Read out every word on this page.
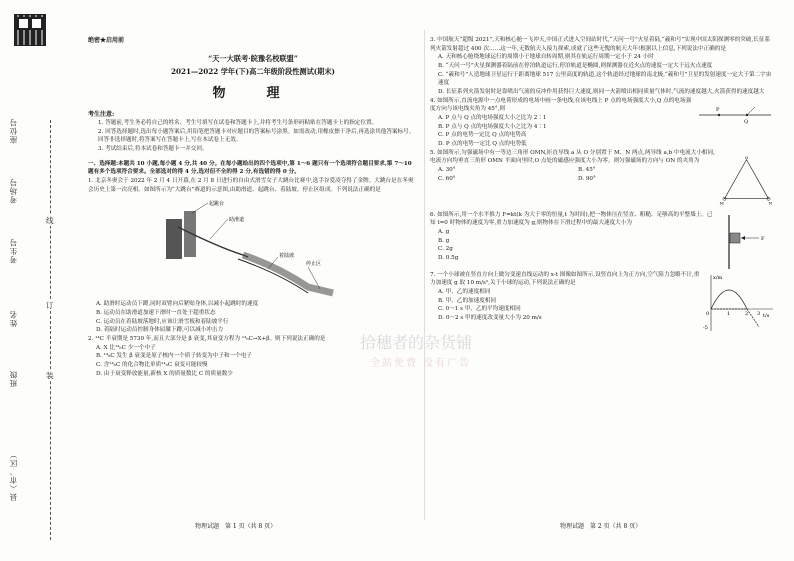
座位号
考场号
考生号
姓名
班级
县（市、区）
线
订
装
绝密★启用前
“天一大联考·皖豫名校联盟”
2021—2022 学年(下)高二年级阶段性测试(期末)
物　理
考生注意:

1. 答题前,考生务必将自己的姓名、考生号填写在试卷和答题卡上,并将考生号条形码粘贴在答题卡上的指定位置。

2. 回答选择题时,选出每小题答案后,用铅笔把答题卡对应题目的答案标号涂黑。如需改动,用橡皮擦干净后,再选涂其他答案标号。回答非选择题时,将答案写在答题卡上,写在本试卷上无效。

3. 考试结束后,将本试卷和答题卡一并交回。

一、选择题:本题共 10 小题,每小题 4 分,共 40 分。在每小题给出的四个选项中,第 1～6 题只有一个选项符合题目要求,第 7～10 题有多个选项符合要求。全部选对的得 4 分,选对但不全的得 2 分,有选错的得 0 分。

1. 北京冬奥会于 2022 年 2 月 4 日开幕,在 2 月 8 日进行的自由式滑雪女子大跳台比赛中,选手谷爱凌夺得了金牌。大跳台是在冬奥会历史上第一次亮相。如图所示为“大跳台”赛道的示意图,由助滑道、起跳台、着陆坡、停止区组成。下列说法正确的是

起跳台
助滑道
着陆坡
停止区

A. 助滑时运动员下蹲,同时双臂向后紧贴身体,以减小起跳时的速度

B. 运动员在助滑道加速下滑时一直处于超重状态

C. 运动员在着陆坡落地时,应该让滑雪板和着陆坡平行

D. 着陆时运动员控制身体屈膝下蹲,可以减小冲击力

2. ¹⁴C 半衰期是 5730 年,而且大部分是 β 衰变,其衰变方程为 ¹⁴₆C→X+β。则下列说法正确的是

A. X 比¹⁴₆C 少一个中子

B. ¹⁴₆C 发生 β 衰变是原子核内一个质子转变为中子和一个电子

C. 含¹⁴₆C 的化合物比单质¹⁴₆C 衰变可能较慢

D. 由于衰变释放能量,新核 X 的质量数比 C 的质量数少

3. 中国航天“超级 2021”,天和核心舱一飞冲天,中国正式进入空间站时代,“天问一号”火星着陆,“羲和号”实现中国太阳探测零的突破,长征系列火箭发射超过 400 次……这一年,无数航天人接力探索,成就了这些无愧的航天大年!根据以上信息,下列说法中正确的是

A. 天和核心舱绕地球运行的周期小于地球自转周期,则其在轨运行周期一定小于 24 小时

B. “天问一号”火星探测器着陆前在停泊轨道运行,停泊轨道是椭圆,则探测器在近火点的速度一定大于远火点速度

C. “羲和号”人造地球卫星运行于距离地球 517 公里高度的轨道,这个轨道经过地球的南北极,“羲和号”卫星的发射速度一定大于第二宇宙速度

D. 长征系列火箭发射时是靠喷出气流的反冲作用获得巨大速度,则同一火箭喷出相同质量气体时,气流的速度越大,火箭获得的速度越大

4. 如图所示,直流电源中一点电荷形成的电场中画一条电线,在该电线上 P 点的电场强度大小,Q 点的电场强度方向与该电线夹角为 45°,则

A. P 点与 Q 点的电场强度大小之比为 2∶1

B. P 点与 Q 点的电场强度大小之比为 4∶1

C. P 点的电势一定比 Q 点的电势高

D. P 点的电势一定比 Q 点的电势低

P
Q

5. 如图所示,匀强磁场中有一等边三角形 OMN,匝直导线 a 从 O 分别置于 M、N 两点,两导线 a,b 中电流大小相同,电流方向均垂直三角形 OMN 平面向里时,O 点处的磁感应强度大小为零。则匀强磁场的方向与 ON 的夹角为

A. 30°	B. 45°
C. 60°	D. 90°
O
M	N

6. 如图所示,用一个水平推力 F=kt(k 为大于零的恒量,t 为时间),把一物体压在竖直、粗糙、足够高的平整墙上。已知 t=0 时物体的速度为零,重力加速度为 g,则物体在下滑过程中的最大速度大小为

A. g

B. g

C. 2g

D. 0.5g

F

7. 一个小球被在竖直方向上做匀变速直线运动的 x-t 图像如图所示,设竖直向上为正方向,空气阻力忽略不计,重力加速度 g 取 10 m/s²,关于小球的运动,下列说法正确的是

A. 甲、乙的速度相同

B. 甲、乙的加速度相同

C. 0～1 s 甲、乙的平均速度相同

D. 0～2 s 甲的速度改变量大小为 20 m/s

x/m
t/s
0	1	2 3
-5
拾穗者的杂货铺
全站免费 没有广告
物理试题　第 1 页（共 8 页）	物理试题　第 2 页（共 8 页）
